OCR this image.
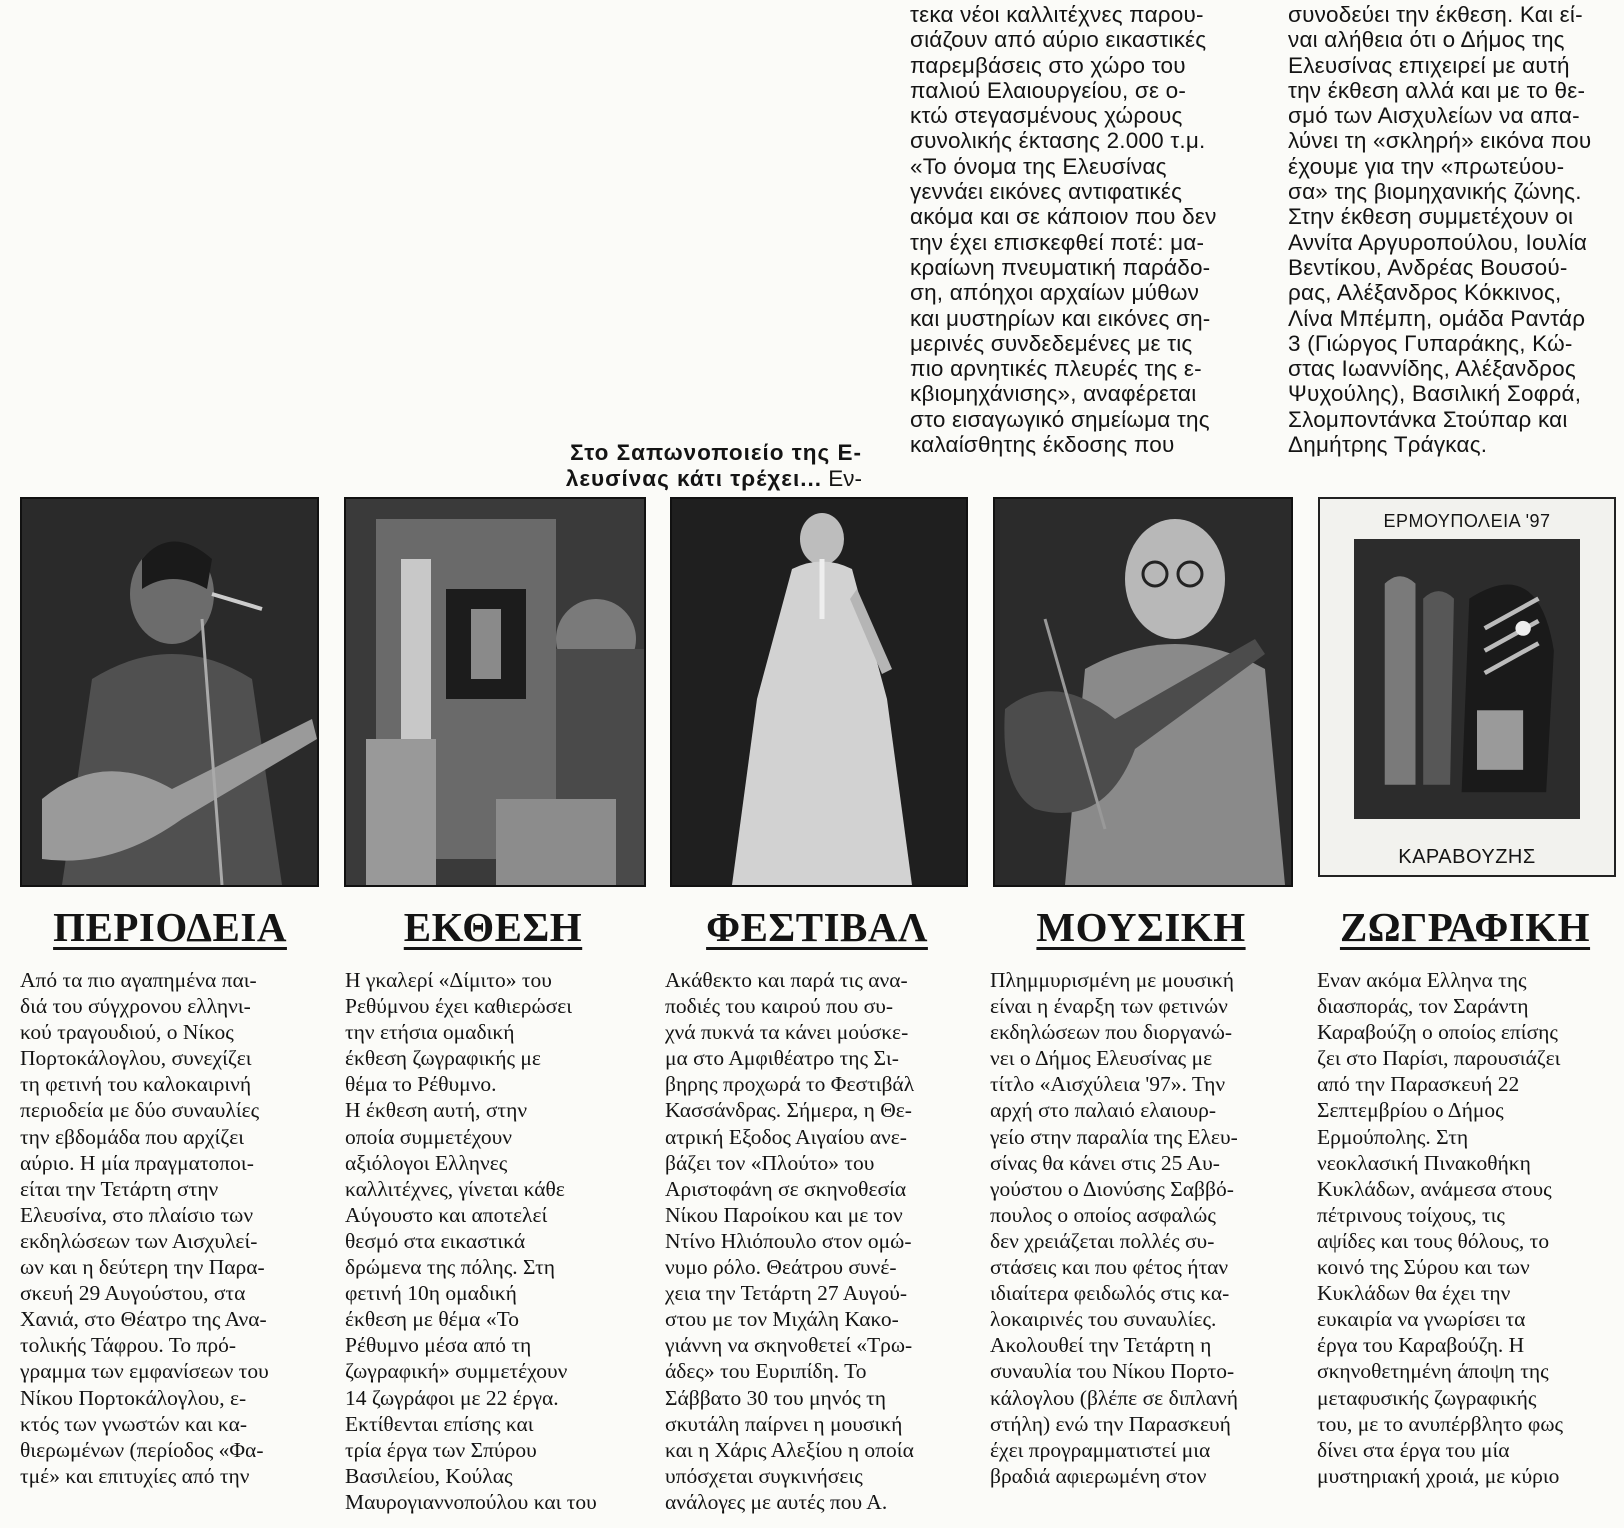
τεκα νέοι καλλιτέχνες παρου-

σιάζουν από αύριο εικαστικές

παρεμβάσεις στο χώρο του

παλιού Ελαιουργείου, σε ο-

κτώ στεγασμένους χώρους

συνολικής έκτασης 2.000 τ.μ.

«Το όνομα της Ελευσίνας

γεννάει εικόνες αντιφατικές

ακόμα και σε κάποιον που δεν

την έχει επισκεφθεί ποτέ: μα-

κραίωνη πνευματική παράδο-

ση, απόηχοι αρχαίων μύθων

και μυστηρίων και εικόνες ση-

μερινές συνδεδεμένες με τις

πιο αρνητικές πλευρές της ε-

κβιομηχάνισης», αναφέρεται

στο εισαγωγικό σημείωμα της

καλαίσθητης έκδοσης που

συνοδεύει την έκθεση. Και εί-

ναι αλήθεια ότι ο Δήμος της

Ελευσίνας επιχειρεί με αυτή

την έκθεση αλλά και με το θε-

σμό των Αισχυλείων να απα-

λύνει τη «σκληρή» εικόνα που

έχουμε για την «πρωτεύου-

σα» της βιομηχανικής ζώνης.

Στην έκθεση συμμετέχουν οι

Αννίτα Αργυροπούλου, Ιουλία

Βεντίκου, Ανδρέας Βουσού-

ρας, Αλέξανδρος Κόκκινος,

Λίνα Μπέμπη, ομάδα Ραντάρ

3 (Γιώργος Γυπαράκης, Κώ-

στας Ιωαννίδης, Αλέξανδρος

Ψυχούλης), Βασιλική Σοφρά,

Σλομποντάνκα Στούπαρ και

Δημήτρης Τράγκας.

Στο Σαπωνοποιείο της Ε-
λευσίνας κάτι τρέχει... Εν-
ΕΡΜΟΥΠΟΛΕΙΑ '97
ΚΑΡΑΒΟΥΖΗΣ
ΠΕΡΙΟΔΕΙΑ	ΕΚΘΕΣΗ	ΦΕΣΤΙΒΑΛ	ΜΟΥΣΙΚΗ	ΖΩΓΡΑΦΙΚΗ

Από τα πιο αγαπημένα παι-

διά του σύγχρονου ελληνι-

κού τραγουδιού, ο Νίκος

Πορτοκάλογλου, συνεχίζει

τη φετινή του καλοκαιρινή

περιοδεία με δύο συναυλίες

την εβδομάδα που αρχίζει

αύριο. Η μία πραγματοποι-

είται την Τετάρτη στην

Ελευσίνα, στο πλαίσιο των

εκδηλώσεων των Αισχυλεί-

ων και η δεύτερη την Παρα-

σκευή 29 Αυγούστου, στα

Χανιά, στο Θέατρο της Ανα-

τολικής Τάφρου. Το πρό-

γραμμα των εμφανίσεων του

Νίκου Πορτοκάλογλου, ε-

κτός των γνωστών και κα-

θιερωμένων (περίοδος «Φα-

τμέ» και επιτυχίες από την

Η γκαλερί «Δίμιτο» του

Ρεθύμνου έχει καθιερώσει

την ετήσια ομαδική

έκθεση ζωγραφικής με

θέμα το Ρέθυμνο.

Η έκθεση αυτή, στην

οποία συμμετέχουν

αξιόλογοι Ελληνες

καλλιτέχνες, γίνεται κάθε

Αύγουστο και αποτελεί

θεσμό στα εικαστικά

δρώμενα της πόλης. Στη

φετινή 10η ομαδική

έκθεση με θέμα «Το

Ρέθυμνο μέσα από τη

ζωγραφική» συμμετέχουν

14 ζωγράφοι με 22 έργα.

Εκτίθενται επίσης και

τρία έργα των Σπύρου

Βασιλείου, Κούλας

Μαυρογιαννοπούλου και του

Ακάθεκτο και παρά τις ανα-

ποδιές του καιρού που συ-

χνά πυκνά τα κάνει μούσκε-

μα στο Αμφιθέατρο της Σι-

βηρης προχωρά το Φεστιβάλ

Κασσάνδρας. Σήμερα, η Θε-

ατρική Εξοδος Αιγαίου ανε-

βάζει τον «Πλούτο» του

Αριστοφάνη σε σκηνοθεσία

Νίκου Παροίκου και με τον

Ντίνο Ηλιόπουλο στον ομώ-

νυμο ρόλο. Θεάτρου συνέ-

χεια την Τετάρτη 27 Αυγού-

στου με τον Μιχάλη Κακο-

γιάννη να σκηνοθετεί «Τρω-

άδες» του Ευριπίδη. Το

Σάββατο 30 του μηνός τη

σκυτάλη παίρνει η μουσική

και η Χάρις Αλεξίου η οποία

υπόσχεται συγκινήσεις

ανάλογες με αυτές που Α.

Πλημμυρισμένη με μουσική

είναι η έναρξη των φετινών

εκδηλώσεων που διοργανώ-

νει ο Δήμος Ελευσίνας με

τίτλο «Αισχύλεια '97». Την

αρχή στο παλαιό ελαιουρ-

γείο στην παραλία της Ελευ-

σίνας θα κάνει στις 25 Αυ-

γούστου ο Διονύσης Σαββό-

πουλος ο οποίος ασφαλώς

δεν χρειάζεται πολλές συ-

στάσεις και που φέτος ήταν

ιδιαίτερα φειδωλός στις κα-

λοκαιρινές του συναυλίες.

Ακολουθεί την Τετάρτη η

συναυλία του Νίκου Πορτο-

κάλογλου (βλέπε σε διπλανή

στήλη) ενώ την Παρασκευή

έχει προγραμματιστεί μια

βραδιά αφιερωμένη στον

Εναν ακόμα Ελληνα της

διασποράς, τον Σαράντη

Καραβούζη ο οποίος επίσης

ζει στο Παρίσι, παρουσιάζει

από την Παρασκευή 22

Σεπτεμβρίου ο Δήμος

Ερμούπολης. Στη

νεοκλασική Πινακοθήκη

Κυκλάδων, ανάμεσα στους

πέτρινους τοίχους, τις

αψίδες και τους θόλους, το

κοινό της Σύρου και των

Κυκλάδων θα έχει την

ευκαιρία να γνωρίσει τα

έργα του Καραβούζη. Η

σκηνοθετημένη άποψη της

μεταφυσικής ζωγραφικής

του, με το ανυπέρβλητο φως

δίνει στα έργα του μία

μυστηριακή χροιά, με κύριο
